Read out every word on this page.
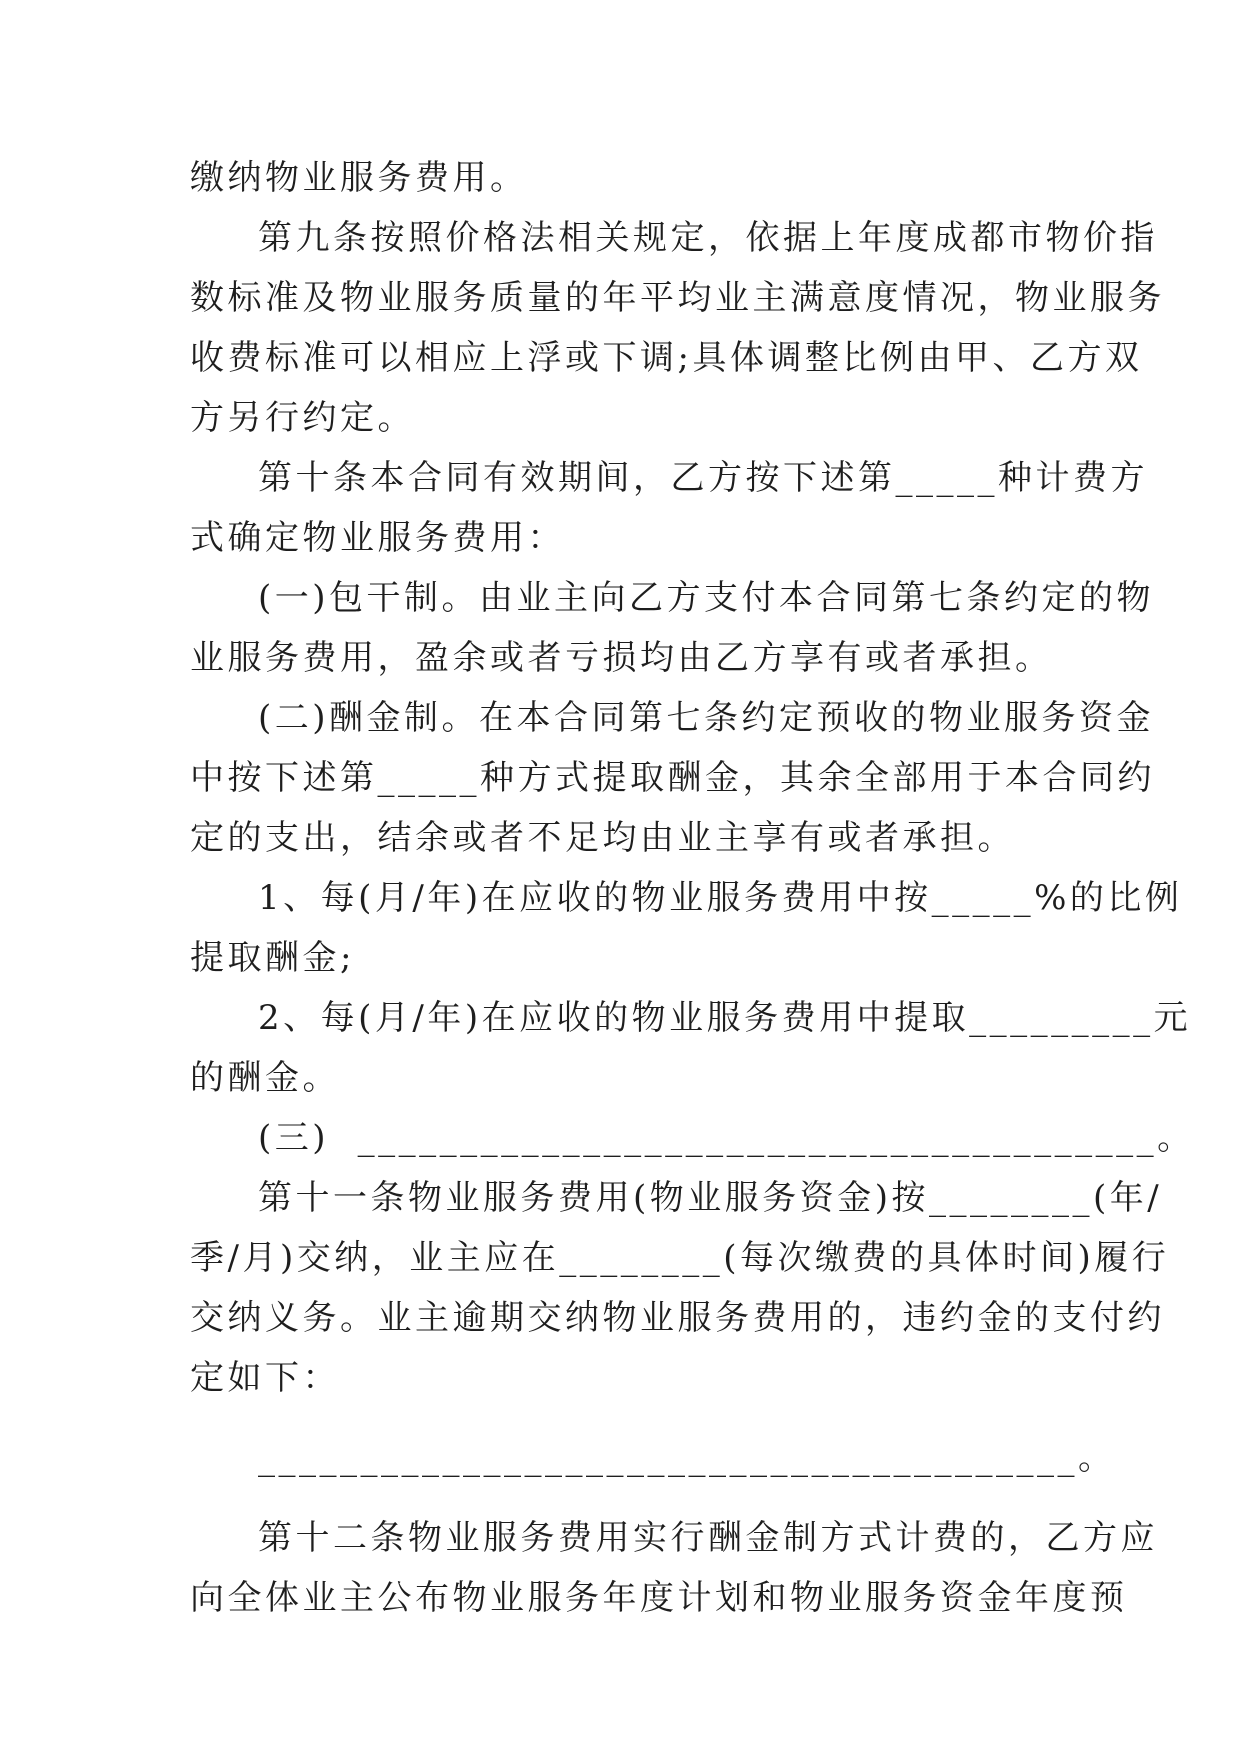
缴纳物业服务费用。
第九条按照价格法相关规定，依据上年度成都市物价指
数标准及物业服务质量的年平均业主满意度情况，物业服务
收费标准可以相应上浮或下调;具体调整比例由甲、乙方双
方另行约定。
第十条本合同有效期间，乙方按下述第_____种计费方
式确定物业服务费用：
(一)包干制。由业主向乙方支付本合同第七条约定的物
业服务费用，盈余或者亏损均由乙方享有或者承担。
(二)酬金制。在本合同第七条约定预收的物业服务资金
中按下述第_____种方式提取酬金，其余全部用于本合同约
定的支出，结余或者不足均由业主享有或者承担。
1、每(月/年)在应收的物业服务费用中按_____%的比例
提取酬金;
2、每(月/年)在应收的物业服务费用中提取_________元
的酬金。
(三)  _______________________________________。
第十一条物业服务费用(物业服务资金)按________(年/
季/月)交纳，业主应在________(每次缴费的具体时间)履行
交纳义务。业主逾期交纳物业服务费用的，违约金的支付约
定如下：
________________________________________。
第十二条物业服务费用实行酬金制方式计费的，乙方应
向全体业主公布物业服务年度计划和物业服务资金年度预
